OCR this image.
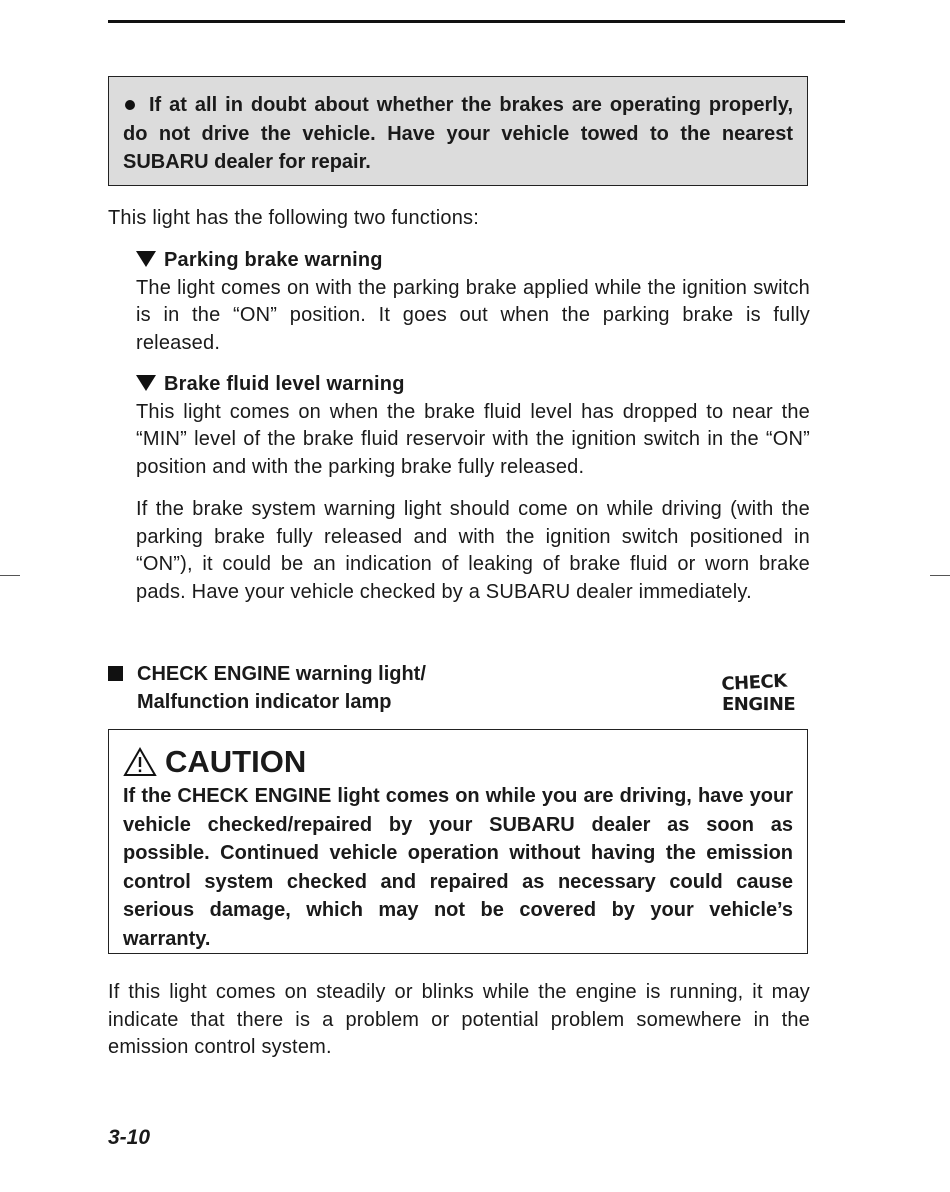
If at all in doubt about whether the brakes are operating properly, do not drive the vehicle. Have your vehicle towed to the nearest SUBARU dealer for repair.
This light has the following two functions:
Parking brake warning
The light comes on with the parking brake applied while the ignition switch is in the “ON” position. It goes out when the parking brake is fully released.
Brake fluid level warning
This light comes on when the brake fluid level has dropped to near the “MIN” level of the brake fluid reservoir with the ignition switch in the “ON” position and with the parking brake fully released.
If the brake system warning light should come on while driving (with the parking brake fully released and with the ignition switch positioned in “ON”), it could be an indication of leaking of brake fluid or worn brake pads. Have your vehicle checked by a SUBARU dealer immediately.
CHECK ENGINE warning light/
Malfunction indicator lamp
CHECK
ENGINE
CAUTION
If the CHECK ENGINE light comes on while you are driving, have your vehicle checked/repaired by your SUBARU dealer as soon as possible. Continued vehicle operation without having the emission control system checked and repaired as necessary could cause serious damage, which may not be covered by your vehicle’s warranty.
If this light comes on steadily or blinks while the engine is running, it may indicate that there is a problem or potential problem somewhere in the emission control system.
3-10
